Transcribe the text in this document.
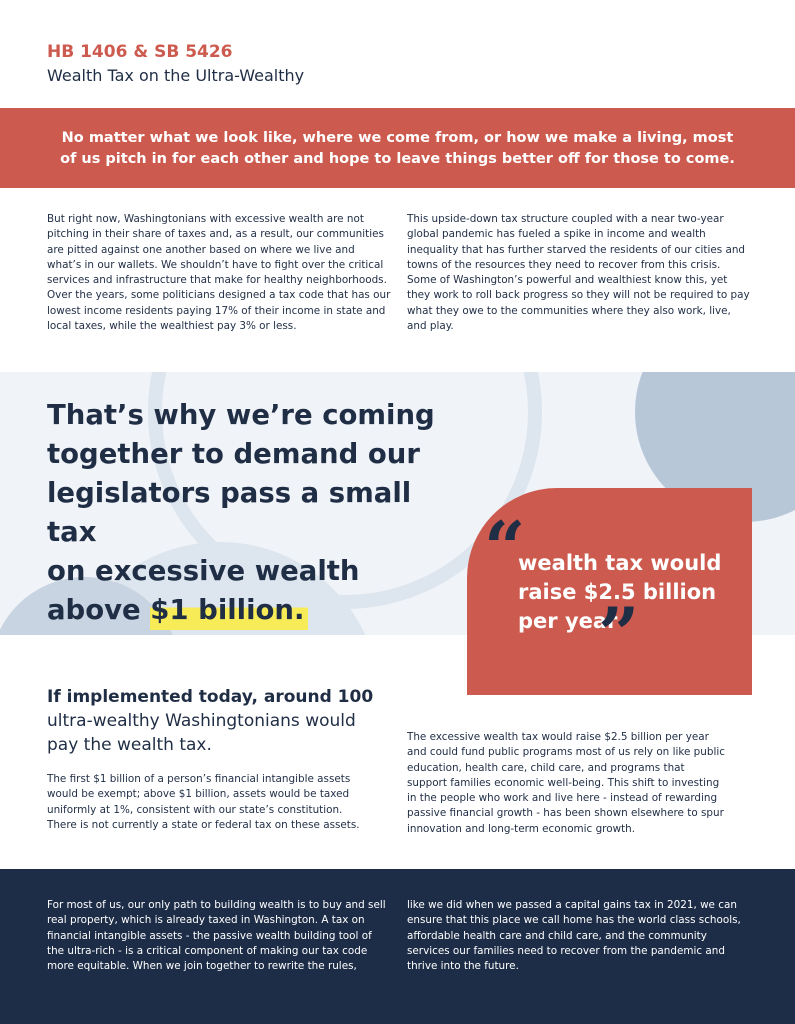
HB 1406 & SB 5426
Wealth Tax on the Ultra-Wealthy
No matter what we look like, where we come from, or how we make a living, most
of us pitch in for each other and hope to leave things better off for those to come.
But right now, Washingtonians with excessive wealth are not pitching in their share of taxes and, as a result, our communities are pitted against one another based on where we live and what’s in our wallets. We shouldn’t have to fight over the critical services and infrastructure that make for healthy neighborhoods. Over the years, some politicians designed a tax code that has our lowest income residents paying 17% of their income in state and local taxes, while the wealthiest pay 3% or less.
This upside-down tax structure coupled with a near two-year global pandemic has fueled a spike in income and wealth inequality that has further starved the residents of our cities and towns of the resources they need to recover from this crisis. Some of Washington’s powerful and wealthiest know this, yet they work to roll back progress so they will not be required to pay what they owe to the communities where they also work, live, and play.
That’s why we’re coming
together to demand our
legislators pass a small tax
on excessive wealth
above $1 billion.
“
wealth tax would
raise $2.5 billion
per year
”
If implemented today, around 100
ultra-wealthy Washingtonians would pay the wealth tax.
The first $1 billion of a person’s financial intangible assets would be exempt; above $1 billion, assets would be taxed uniformly at 1%, consistent with our state’s constitution. There is not currently a state or federal tax on these assets.
The excessive wealth tax would raise $2.5 billion per year and could fund public programs most of us rely on like public education, health care, child care, and programs that support families economic well-being. This shift to investing in the people who work and live here - instead of rewarding passive financial growth - has been shown elsewhere to spur innovation and long-term economic growth.
For most of us, our only path to building wealth is to buy and sell real property, which is already taxed in Washington. A tax on financial intangible assets - the passive wealth building tool of the ultra-rich - is a critical component of making our tax code more equitable. When we join together to rewrite the rules,
like we did when we passed a capital gains tax in 2021, we can ensure that this place we call home has the world class schools, affordable health care and child care, and the community services our families need to recover from the pandemic and thrive into the future.
